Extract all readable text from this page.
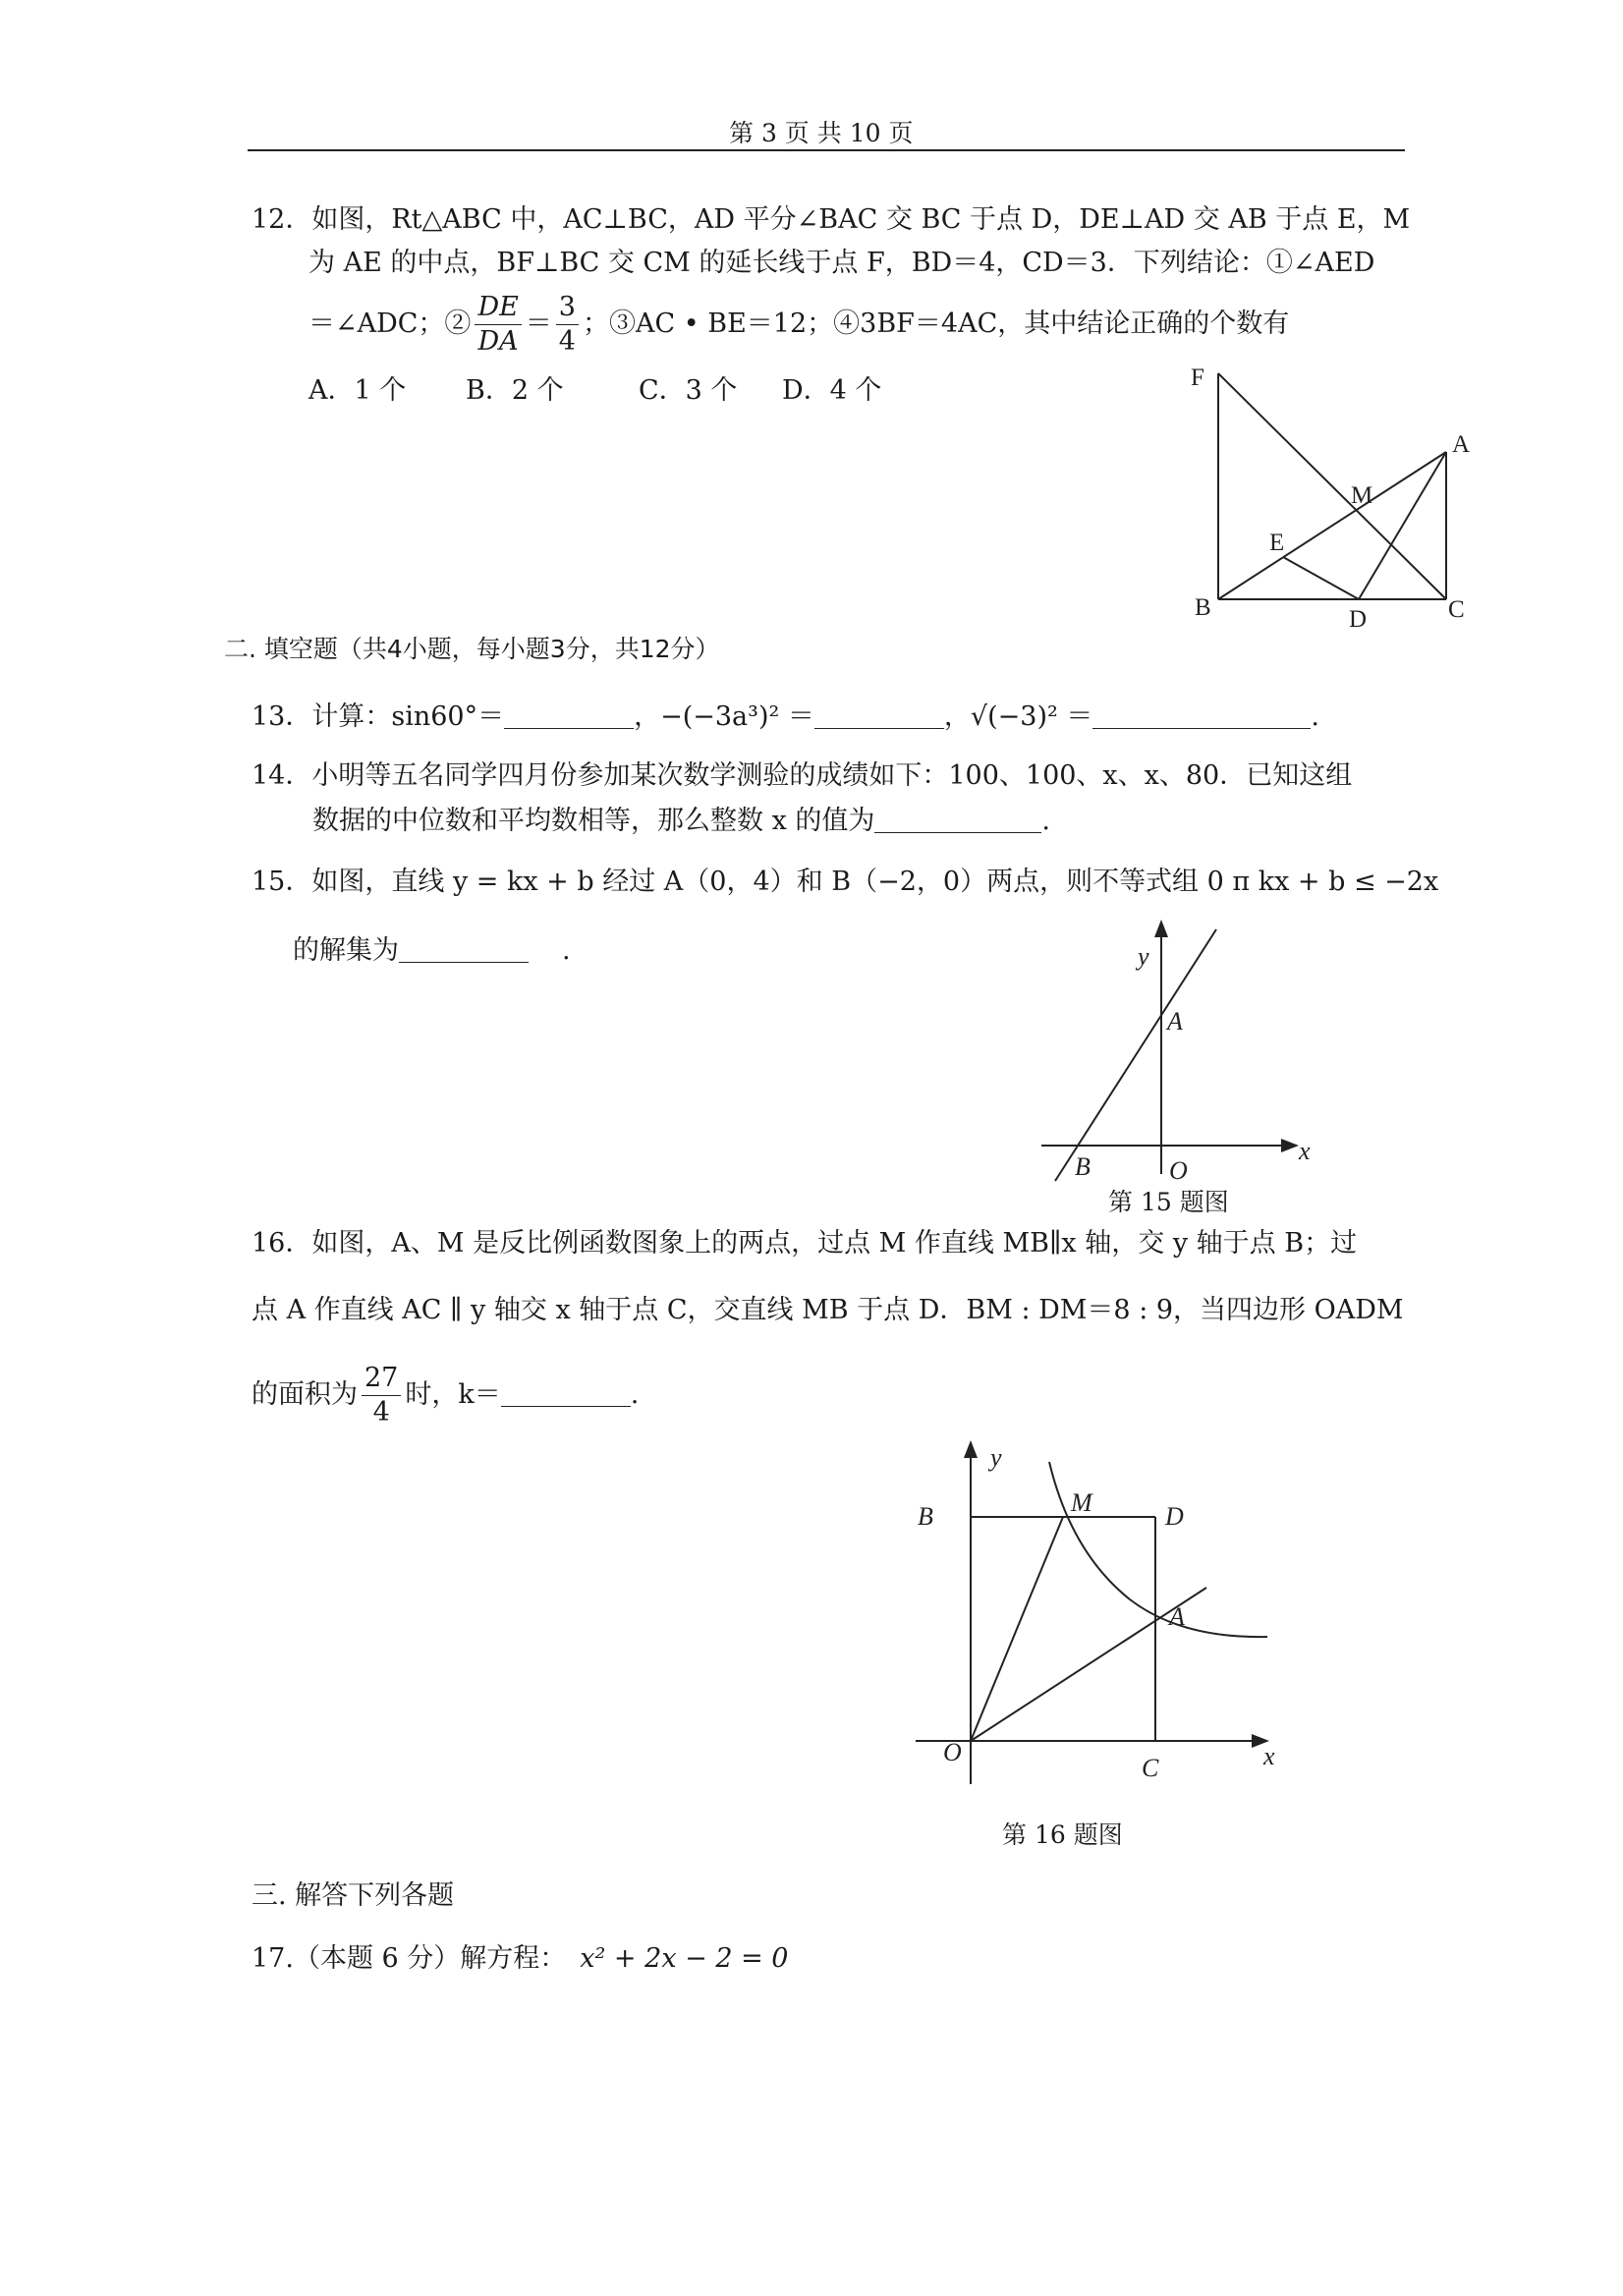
第 3 页 共 10 页
12．如图，Rt△ABC 中，AC⊥BC，AD 平分∠BAC 交 BC 于点 D，DE⊥AD 交 AB 于点 E，M
为 AE 的中点，BF⊥BC 交 CM 的延长线于点 F，BD＝4，CD＝3．下列结论：①∠AED
＝∠ADC；② $\frac{DE}{DA} = \frac{3}{4}$ ；③AC • BE＝12；④3BF＝4AC，其中结论正确的个数有
A．1 个 B．2 个	C．3 个 D．4 个	F
A
M
E
B	D	C
二. 填空题（共4小题，每小题3分，共12分）
13．计算：sin60°＝	，−(−3a³)² ＝	，√(−3)² ＝	.
14．小明等五名同学四月份参加某次数学测验的成绩如下：100、100、x、x、80．已知这组
数据的中位数和平均数相等，那么整数 x 的值为	.
15．如图，直线 y = kx + b 经过 A（0，4）和 B（−2，0）两点，则不等式组 0 π kx + b ≤ −2x
的解集为	.	y
x
A
B	O
第 15 题图
16．如图，A、M 是反比例函数图象上的两点，过点 M 作直线 MB∥x 轴，交 y 轴于点 B；过
点 A 作直线 AC ∥ y 轴交 x 轴于点 C，交直线 MB 于点 D．BM : DM＝8 : 9，当四边形 OADM
的面积为 $\frac{27}{4}$ 时，k＝	.
y
x
B	M	D
A
O
C
第 16 题图
三. 解答下列各题
17.（本题 6 分）解方程： x² + 2x − 2 = 0
